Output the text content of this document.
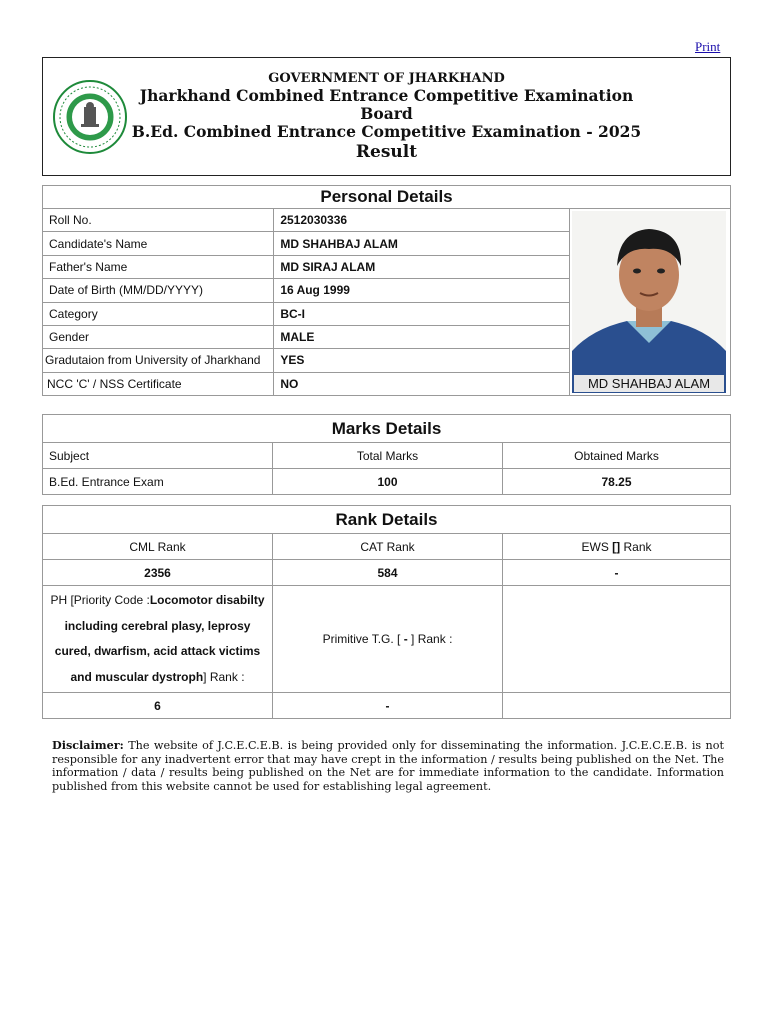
Print
GOVERNMENT OF JHARKHAND
Jharkhand Combined Entrance Competitive Examination
Board
B.Ed. Combined Entrance Competitive Examination - 2025
Result
Personal Details		
Roll No.	2512030336	MD SHAHBAJ ALAM

Candidate's Name	MD SHAHBAJ ALAM	
Father's Name	MD SIRAJ ALAM	
Date of Birth (MM/DD/YYYY)	16 Aug 1999	
Category	BC-I	
Gender	MALE	
Gradutaion from University of Jharkhand	YES	
NCC 'C' / NSS Certificate	NO	
Marks Details		
Subject	Total Marks	Obtained Marks
B.Ed. Entrance Exam	100	78.25
Rank Details		
CML Rank	CAT Rank	EWS [] Rank
2356	584	-
PH [Priority Code :Locomotor disabilty including cerebral plasy, leprosy cured, dwarfism, acid attack victims and muscular dystroph] Rank :	Primitive T.G. [ - ] Rank :	
6	-	
Disclaimer: The website of J.C.E.C.E.B. is being provided only for disseminating the information. J.C.E.C.E.B. is not responsible for any inadvertent error that may have crept in the information / results being published on the Net. The information / data / results being published on the Net are for immediate information to the candidate. Information published from this website cannot be used for establishing legal agreement.
